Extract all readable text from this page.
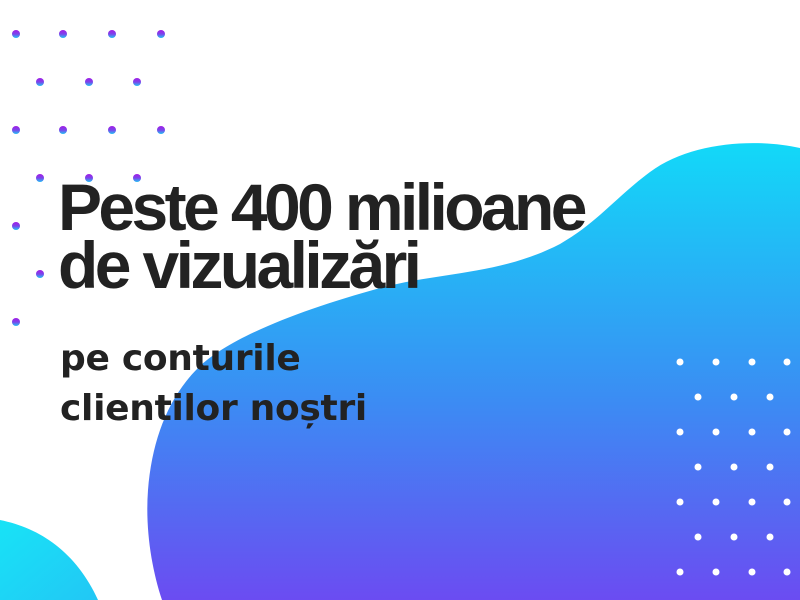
Peste 400 milioane
de vizualizări

pe conturile
clientilor noștri
